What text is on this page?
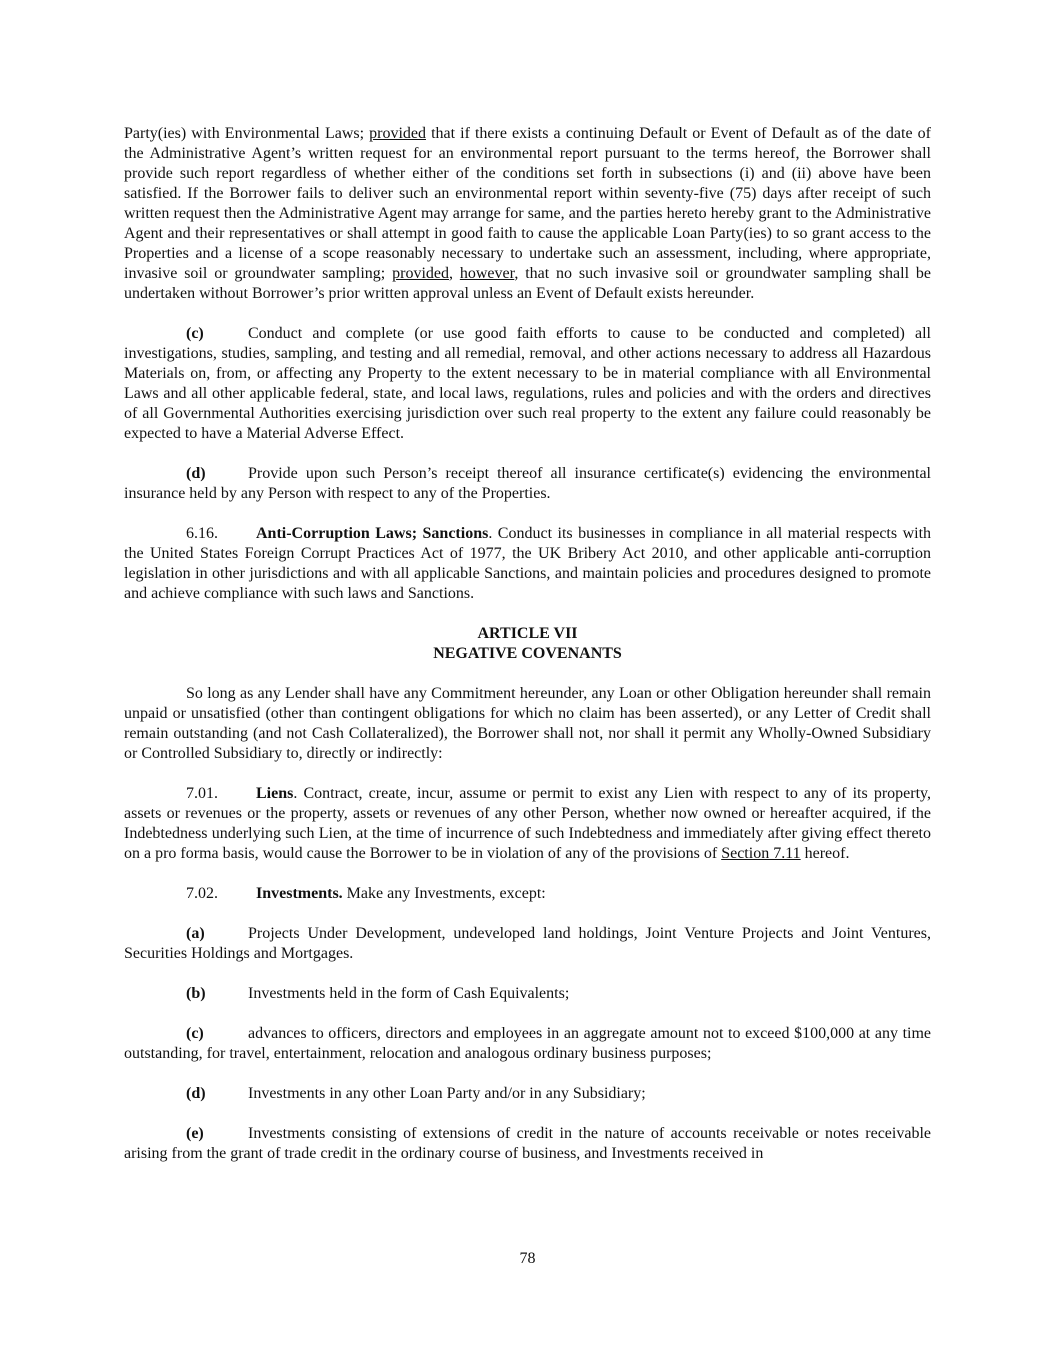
Party(ies) with Environmental Laws; provided that if there exists a continuing Default or Event of Default as of the date of the Administrative Agent’s written request for an environmental report pursuant to the terms hereof, the Borrower shall provide such report regardless of whether either of the conditions set forth in subsections (i) and (ii) above have been satisfied. If the Borrower fails to deliver such an environmental report within seventy-five (75) days after receipt of such written request then the Administrative Agent may arrange for same, and the parties hereto hereby grant to the Administrative Agent and their representatives or shall attempt in good faith to cause the applicable Loan Party(ies) to so grant access to the Properties and a license of a scope reasonably necessary to undertake such an assessment, including, where appropriate, invasive soil or groundwater sampling; provided, however, that no such invasive soil or groundwater sampling shall be undertaken without Borrower’s prior written approval unless an Event of Default exists hereunder.

(c)	Conduct and complete (or use good faith efforts to cause to be conducted and completed) all investigations, studies, sampling, and testing and all remedial, removal, and other actions necessary to address all Hazardous Materials on, from, or affecting any Property to the extent necessary to be in material compliance with all Environmental Laws and all other applicable federal, state, and local laws, regulations, rules and policies and with the orders and directives of all Governmental Authorities exercising jurisdiction over such real property to the extent any failure could reasonably be expected to have a Material Adverse Effect.

(d)	Provide upon such Person’s receipt thereof all insurance certificate(s) evidencing the environmental insurance held by any Person with respect to any of the Properties.

6.16. Anti-Corruption Laws; Sanctions. Conduct its businesses in compliance in all material respects with the United States Foreign Corrupt Practices Act of 1977, the UK Bribery Act 2010, and other applicable anti-corruption legislation in other jurisdictions and with all applicable Sanctions, and maintain policies and procedures designed to promote and achieve compliance with such laws and Sanctions.

ARTICLE VII
NEGATIVE COVENANTS

So long as any Lender shall have any Commitment hereunder, any Loan or other Obligation hereunder shall remain unpaid or unsatisfied (other than contingent obligations for which no claim has been asserted), or any Letter of Credit shall remain outstanding (and not Cash Collateralized), the Borrower shall not, nor shall it permit any Wholly-Owned Subsidiary or Controlled Subsidiary to, directly or indirectly:

7.01. Liens. Contract, create, incur, assume or permit to exist any Lien with respect to any of its property, assets or revenues or the property, assets or revenues of any other Person, whether now owned or hereafter acquired, if the Indebtedness underlying such Lien, at the time of incurrence of such Indebtedness and immediately after giving effect thereto on a pro forma basis, would cause the Borrower to be in violation of any of the provisions of Section 7.11 hereof.

7.02. Investments. Make any Investments, except:

(a)	Projects Under Development, undeveloped land holdings, Joint Venture Projects and Joint Ventures, Securities Holdings and Mortgages.

(b)	Investments held in the form of Cash Equivalents;

(c)	advances to officers, directors and employees in an aggregate amount not to exceed $100,000 at any time outstanding, for travel, entertainment, relocation and analogous ordinary business purposes;

(d)	Investments in any other Loan Party and/or in any Subsidiary;

(e)	Investments consisting of extensions of credit in the nature of accounts receivable or notes receivable arising from the grant of trade credit in the ordinary course of business, and Investments received in

78
